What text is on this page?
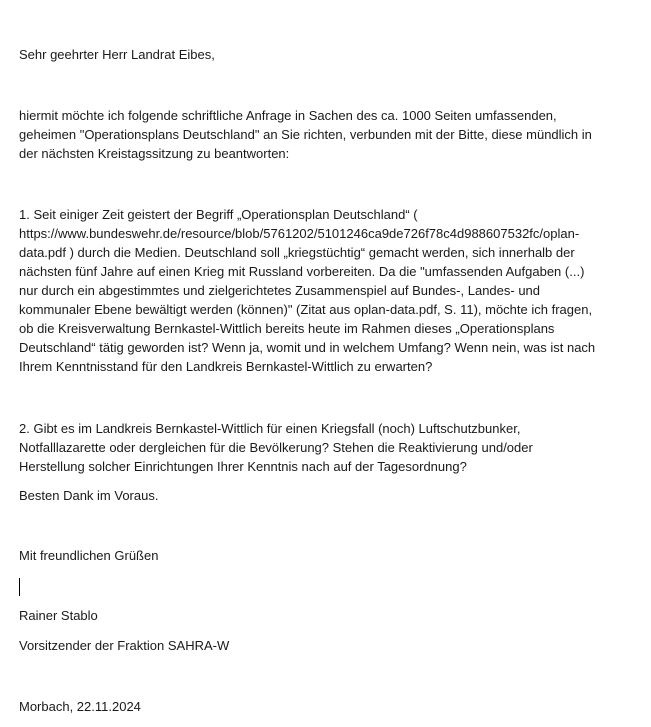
Sehr geehrter Herr Landrat Eibes,

hiermit möchte ich folgende schriftliche Anfrage in Sachen des ca. 1000 Seiten umfassenden,
geheimen "Operationsplans Deutschland" an Sie richten, verbunden mit der Bitte, diese mündlich in
der nächsten Kreistagssitzung zu beantworten:

1. Seit einiger Zeit geistert der Begriff „Operationsplan Deutschland“ (
https://www.bundeswehr.de/resource/blob/5761202/5101246ca9de726f78c4d988607532fc/oplan-
data.pdf ) durch die Medien. Deutschland soll „kriegstüchtig“ gemacht werden, sich innerhalb der
nächsten fünf Jahre auf einen Krieg mit Russland vorbereiten. Da die "umfassenden Aufgaben (...)
nur durch ein abgestimmtes und zielgerichtetes Zusammenspiel auf Bundes-, Landes- und
kommunaler Ebene bewältigt werden (können)" (Zitat aus oplan-data.pdf, S. 11), möchte ich fragen,
ob die Kreisverwaltung Bernkastel-Wittlich bereits heute im Rahmen dieses „Operationsplans
Deutschland“ tätig geworden ist? Wenn ja, womit und in welchem Umfang? Wenn nein, was ist nach
Ihrem Kenntnisstand für den Landkreis Bernkastel-Wittlich zu erwarten?

2. Gibt es im Landkreis Bernkastel-Wittlich für einen Kriegsfall (noch) Luftschutzbunker,
Notfalllazarette oder dergleichen für die Bevölkerung? Stehen die Reaktivierung und/oder
Herstellung solcher Einrichtungen Ihrer Kenntnis nach auf der Tagesordnung?

Besten Dank im Voraus.

Mit freundlichen Grüßen

Rainer Stablo

Vorsitzender der Fraktion SAHRA-W

Morbach, 22.11.2024
